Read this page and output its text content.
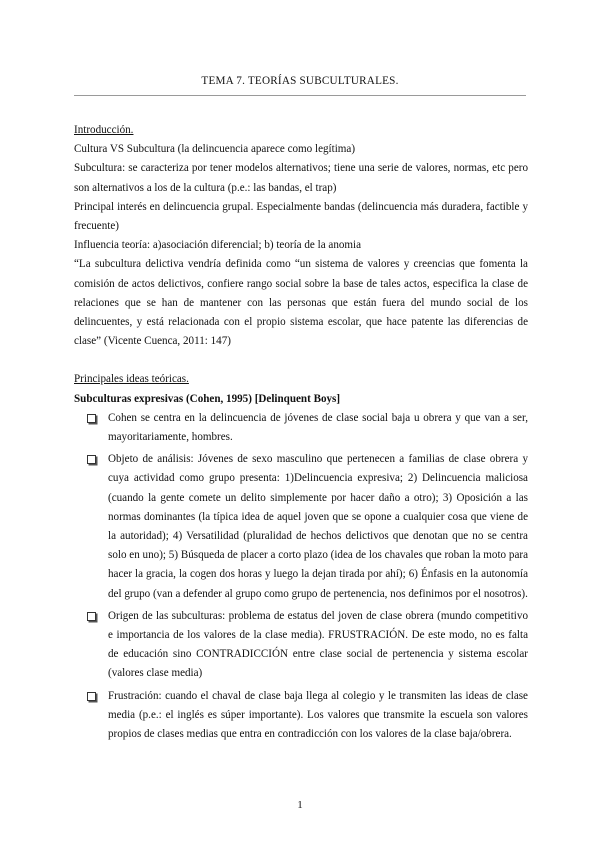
TEMA 7. TEORÍAS SUBCULTURALES.

Introducción.

Cultura VS Subcultura (la delincuencia aparece como legítima)

Subcultura: se caracteriza por tener modelos alternativos; tiene una serie de valores, normas, etc pero son alternativos a los de la cultura (p.e.: las bandas, el trap)

Principal interés en delincuencia grupal. Especialmente bandas (delincuencia más duradera, factible y frecuente)

Influencia teoría: a)asociación diferencial; b) teoría de la anomia

“La subcultura delictiva vendría definida como “un sistema de valores y creencias que fomenta la comisión de actos delictivos, confiere rango social sobre la base de tales actos, especifica la clase de relaciones que se han de mantener con las personas que están fuera del mundo social de los delincuentes, y está relacionada con el propio sistema escolar, que hace patente las diferencias de clase” (Vicente Cuenca, 2011: 147)

Principales ideas teóricas.

Subculturas expresivas (Cohen, 1995) [Delinquent Boys]

Cohen se centra en la delincuencia de jóvenes de clase social baja u obrera y que van a ser, mayoritariamente, hombres.
Objeto de análisis: Jóvenes de sexo masculino que pertenecen a familias de clase obrera y cuya actividad como grupo presenta: 1)Delincuencia expresiva; 2) Delincuencia maliciosa (cuando la gente comete un delito simplemente por hacer daño a otro); 3) Oposición a las normas dominantes (la típica idea de aquel joven que se opone a cualquier cosa que viene de la autoridad); 4) Versatilidad (pluralidad de hechos delictivos que denotan que no se centra solo en uno); 5) Búsqueda de placer a corto plazo (idea de los chavales que roban la moto para hacer la gracia, la cogen dos horas y luego la dejan tirada por ahí); 6) Énfasis en la autonomía del grupo (van a defender al grupo como grupo de pertenencia, nos definimos por el nosotros).
Origen de las subculturas: problema de estatus del joven de clase obrera (mundo competitivo e importancia de los valores de la clase media). FRUSTRACIÓN. De este modo, no es falta de educación sino CONTRADICCIÓN entre clase social de pertenencia y sistema escolar (valores clase media)
Frustración: cuando el chaval de clase baja llega al colegio y le transmiten las ideas de clase media (p.e.: el inglés es súper importante). Los valores que transmite la escuela son valores propios de clases medias que entra en contradicción con los valores de la clase baja/obrera.
1
